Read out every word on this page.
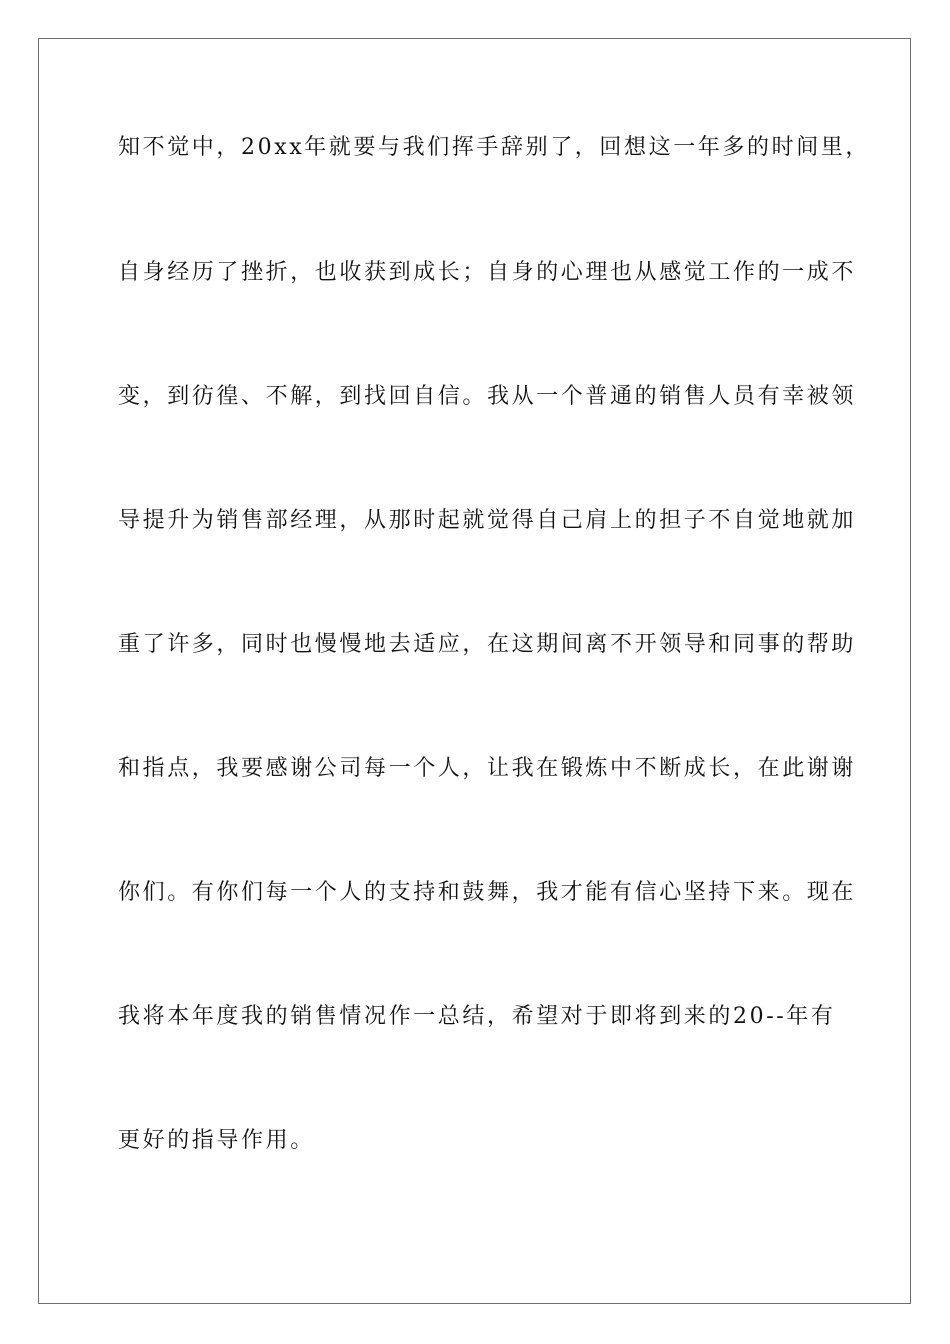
知不觉中，20xx年就要与我们挥手辞别了，回想这一年多的时间里，
自身经历了挫折，也收获到成长；自身的心理也从感觉工作的一成不
变，到彷徨、不解，到找回自信。我从一个普通的销售人员有幸被领
导提升为销售部经理，从那时起就觉得自己肩上的担子不自觉地就加
重了许多，同时也慢慢地去适应，在这期间离不开领导和同事的帮助
和指点，我要感谢公司每一个人，让我在锻炼中不断成长，在此谢谢
你们。有你们每一个人的支持和鼓舞，我才能有信心坚持下来。现在
我将本年度我的销售情况作一总结，希望对于即将到来的20--年有
更好的指导作用。
